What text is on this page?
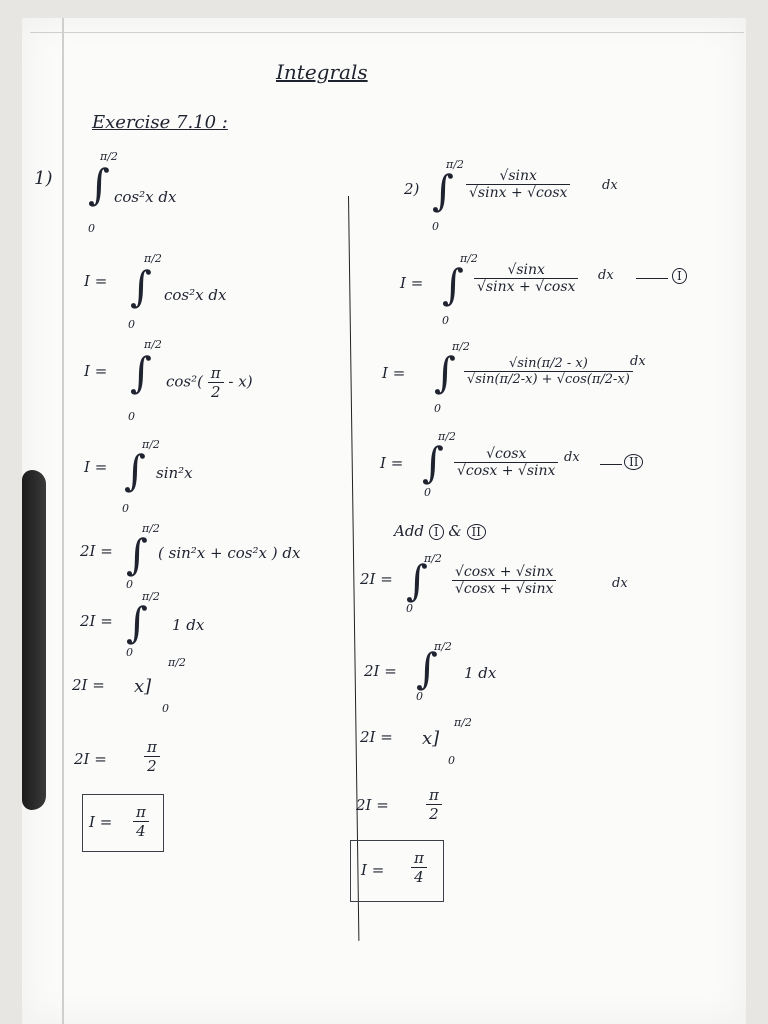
Integrals
Exercise 7.10 :
1)
π/2
∫
0
cos²x dx
I =
π/2
∫
0
cos²x dx
I =
π/2
∫
0
$\cos^2( \frac{\pi}{2} - x)$
I =
π/2
∫
0
sin²x
2I =
π/2
∫
0
( sin²x + cos²x ) dx
2I =
π/2
∫
0
1 dx
2I = x]
π/2
0
$2I = \frac{\pi}{2}$
$I = \frac{\pi}{4}$
2)
π/2
∫
0
$\frac{√\sin x}{√\sin x + √\cos x}$ dx
I =
π/2
∫
0
$\frac{√\sin x}{√\sin x + √\cos x}$ dx	I
I =
π/2
∫
0
$\frac{√\sin(\pi/2 - x)}{√\sin(\pi/2-x) + √\cos(\pi/2-x)}$
dx
I =
π/2
∫
0
$\frac{√\cos x}{√\cos x + √\sin x}$ dx	II
Add I & II
2I =
π/2
∫
0
$\frac{√\cos x + √\sin x}{√\cos x + √\sin x}$	dx
2I =
π/2
∫
0
1 dx
2I = x]
π/2
0
$2I = \frac{\pi}{2}$
$I = \frac{\pi}{4}$
